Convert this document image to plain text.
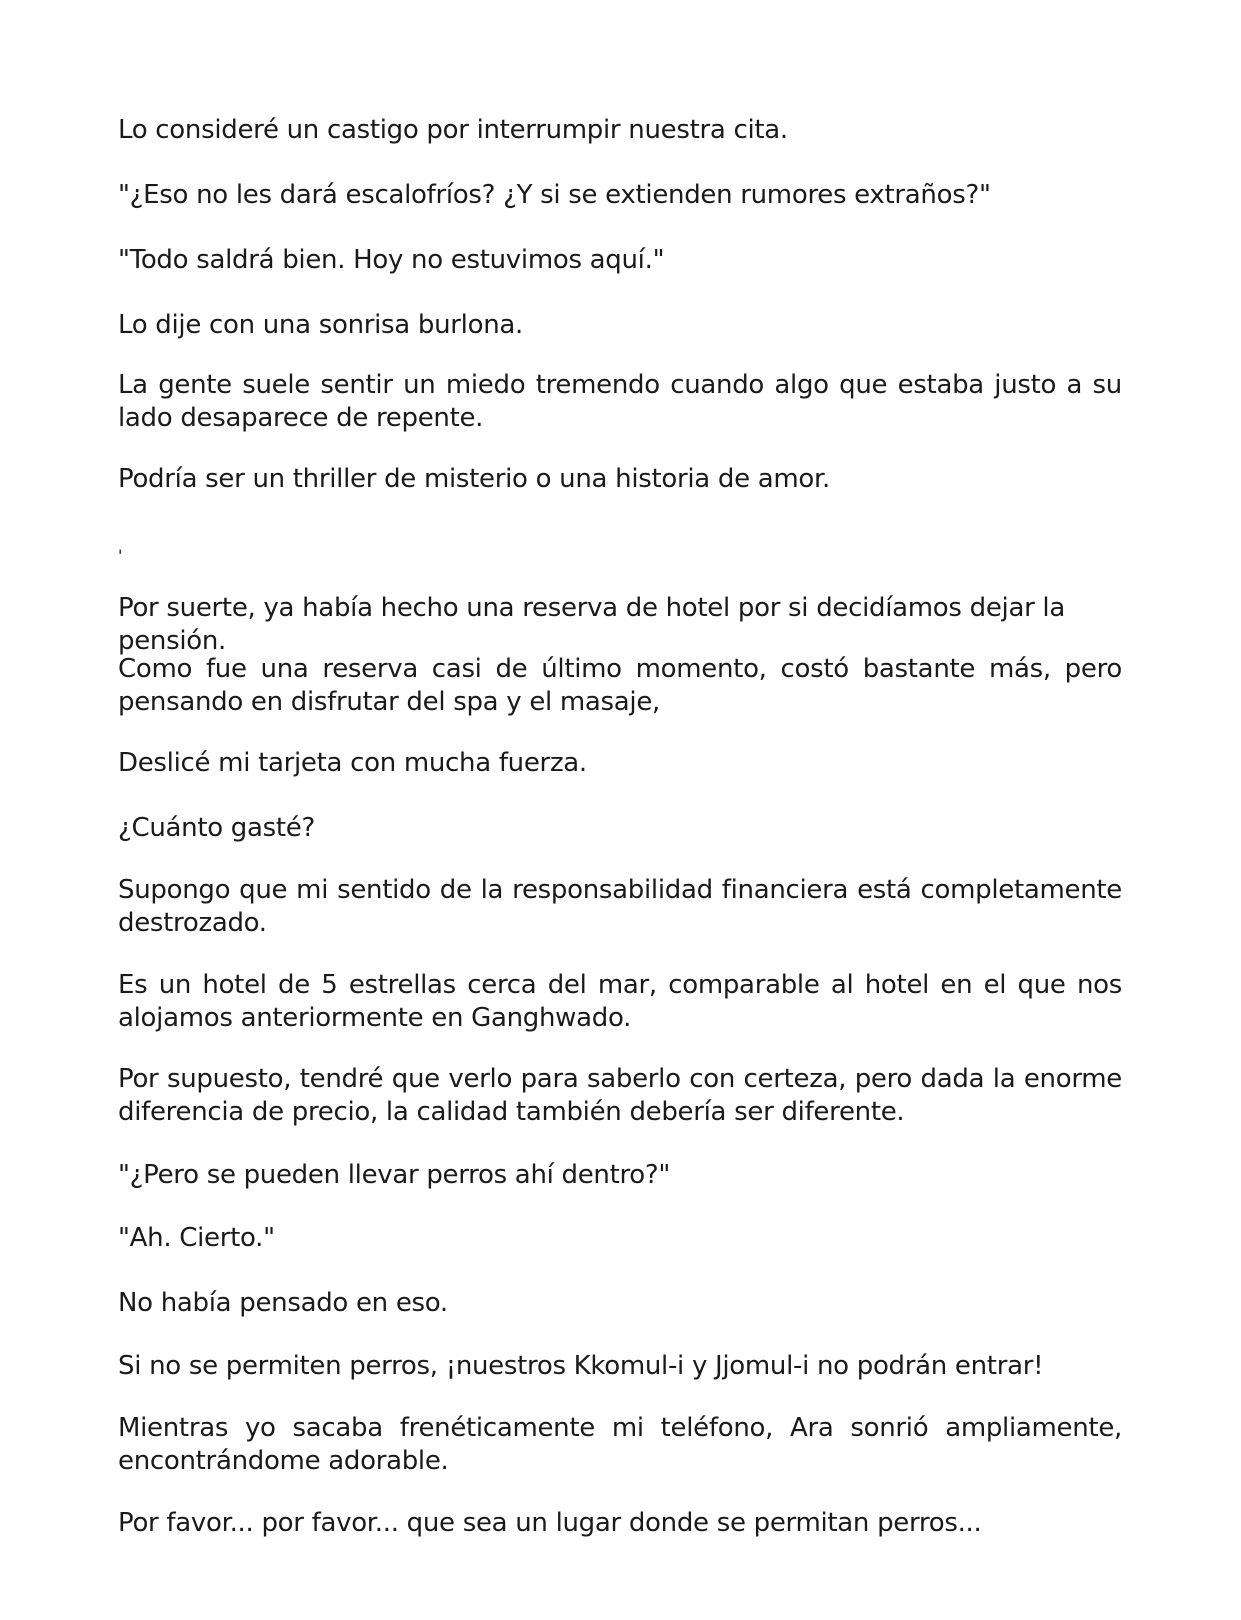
Lo consideré un castigo por interrumpir nuestra cita.

"¿Eso no les dará escalofríos? ¿Y si se extienden rumores extraños?"

"Todo saldrá bien. Hoy no estuvimos aquí."

Lo dije con una sonrisa burlona.

La gente suele sentir un miedo tremendo cuando algo que estaba justo a su lado desaparece de repente.

Podría ser un thriller de misterio o una historia de amor.

'

Por suerte, ya había hecho una reserva de hotel por si decidíamos dejar la pensión.

Como fue una reserva casi de último momento, costó bastante más, pero pensando en disfrutar del spa y el masaje,

Deslicé mi tarjeta con mucha fuerza.

¿Cuánto gasté?

Supongo que mi sentido de la responsabilidad financiera está completamente destrozado.

Es un hotel de 5 estrellas cerca del mar, comparable al hotel en el que nos alojamos anteriormente en Ganghwado.

Por supuesto, tendré que verlo para saberlo con certeza, pero dada la enorme diferencia de precio, la calidad también debería ser diferente.

"¿Pero se pueden llevar perros ahí dentro?"

"Ah. Cierto."

No había pensado en eso.

Si no se permiten perros, ¡nuestros Kkomul-i y Jjomul-i no podrán entrar!

Mientras yo sacaba frenéticamente mi teléfono, Ara sonrió ampliamente, encontrándome adorable.

Por favor... por favor... que sea un lugar donde se permitan perros...
